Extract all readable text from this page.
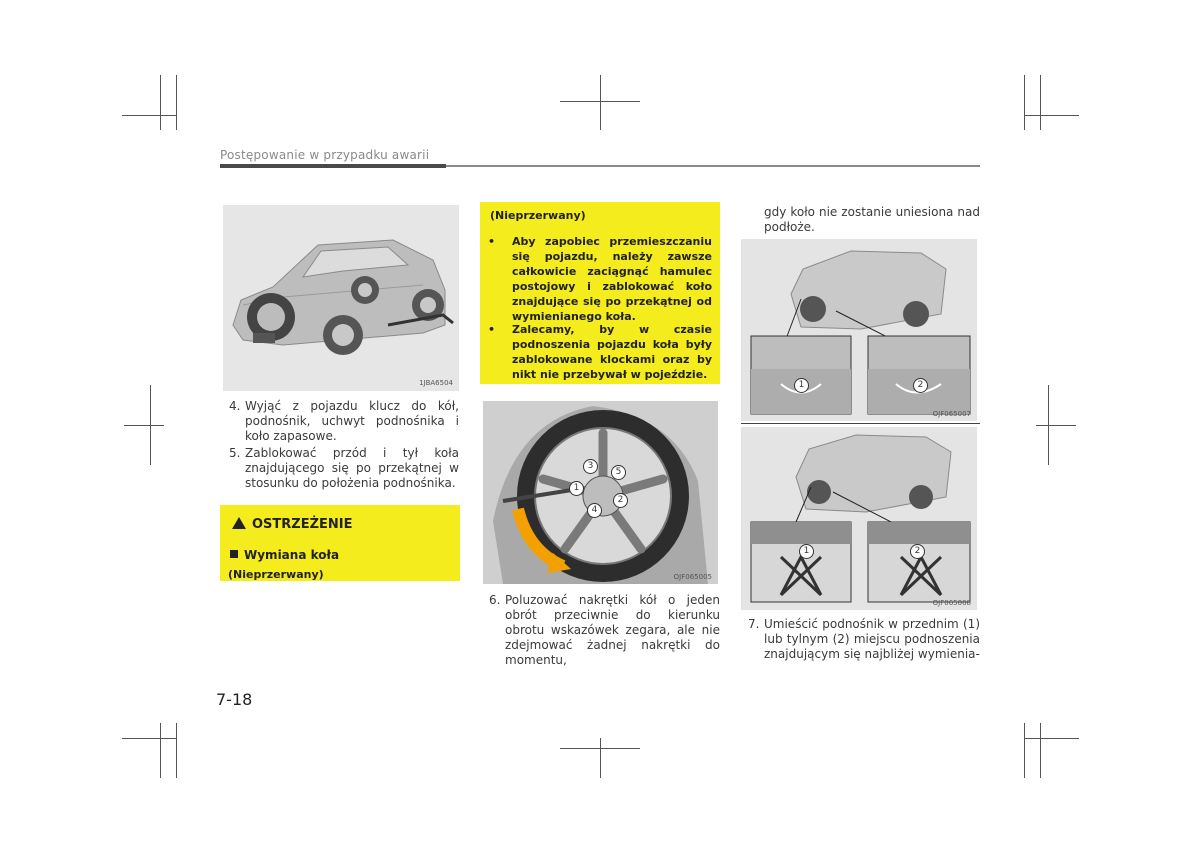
Postępowanie w przypadku awarii
1JBA6504
4. Wyjąć z pojazdu klucz do kół, podnośnik, uchwyt podnośnika i koło zapasowe.
5. Zablokować przód i tył koła znajdującego się po przekątnej w stosunku do położenia podnośnika.
OSTRZEŻENIE
Wymiana koła
(Nieprzerwany)
(Nieprzerwany)
•	Aby zapobiec przemieszczaniu się pojazdu, należy zawsze całkowicie zaciągnąć hamulec postojowy i zablokować koło znajdujące się po przekątnej od wymienianego koła.
•	Zalecamy, by w czasie podnoszenia pojazdu koła były zablokowane klockami oraz by nikt nie przebywał w pojeździe.
1
2
3
4
5
OJF065005
6. Poluzować nakrętki kół o jeden obrót przeciwnie do kierunku obrotu wskazówek zegara, ale nie zdejmować żadnej nakrętki do momentu,
gdy koło nie zostanie uniesiona nad podłoże.
1	2
OJF065007
1	2
OJF065008
7. Umieścić podnośnik w przednim (1) lub tylnym (2) miejscu podnoszenia znajdującym się najbliżej wymienia-
7-18
